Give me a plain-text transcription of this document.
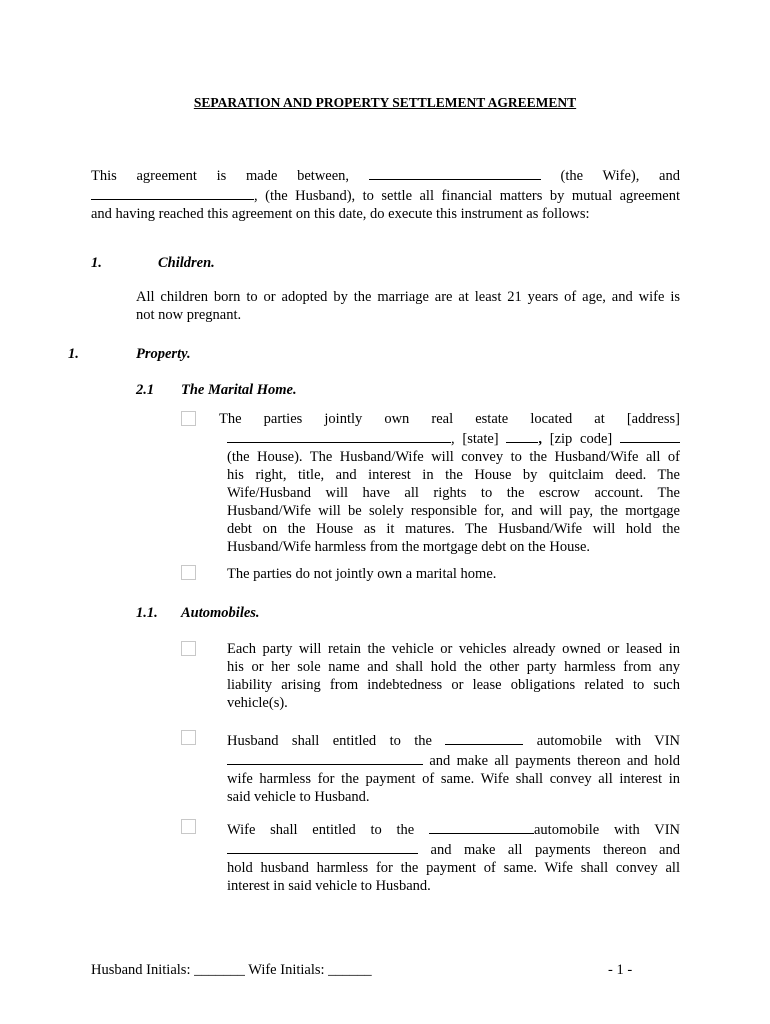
SEPARATION AND PROPERTY SETTLEMENT AGREEMENT
This agreement is made between,	(the Wife), and
, (the Husband), to settle all financial matters by mutual agreement
and having reached this agreement on this date, do execute this instrument as follows:
1.	Children.
All children born to or adopted by the marriage are at least 21 years of age, and wife is
not now pregnant.
1.	Property.
2.1 The Marital Home.
The parties jointly own real estate located at [address]
, [state]	, [zip code]
(the House). The Husband/Wife will convey to the Husband/Wife all of
his right, title, and interest in the House by quitclaim deed. The
Wife/Husband will have all rights to the escrow account. The
Husband/Wife will be solely responsible for, and will pay, the mortgage
debt on the House as it matures. The Husband/Wife will hold the
Husband/Wife harmless from the mortgage debt on the House.
The parties do not jointly own a marital home.
1.1. Automobiles.
Each party will retain the vehicle or vehicles already owned or leased in
his or her sole name and shall hold the other party harmless from any
liability arising from indebtedness or lease obligations related to such
vehicle(s).
Husband shall entitled to the	automobile with VIN
and make all payments thereon and hold
wife harmless for the payment of same. Wife shall convey all interest in
said vehicle to Husband.
Wife shall entitled to the	automobile with VIN
and make all payments thereon and
hold husband harmless for the payment of same. Wife shall convey all
interest in said vehicle to Husband.
Husband Initials: _______ Wife Initials: ______	- 1 -
